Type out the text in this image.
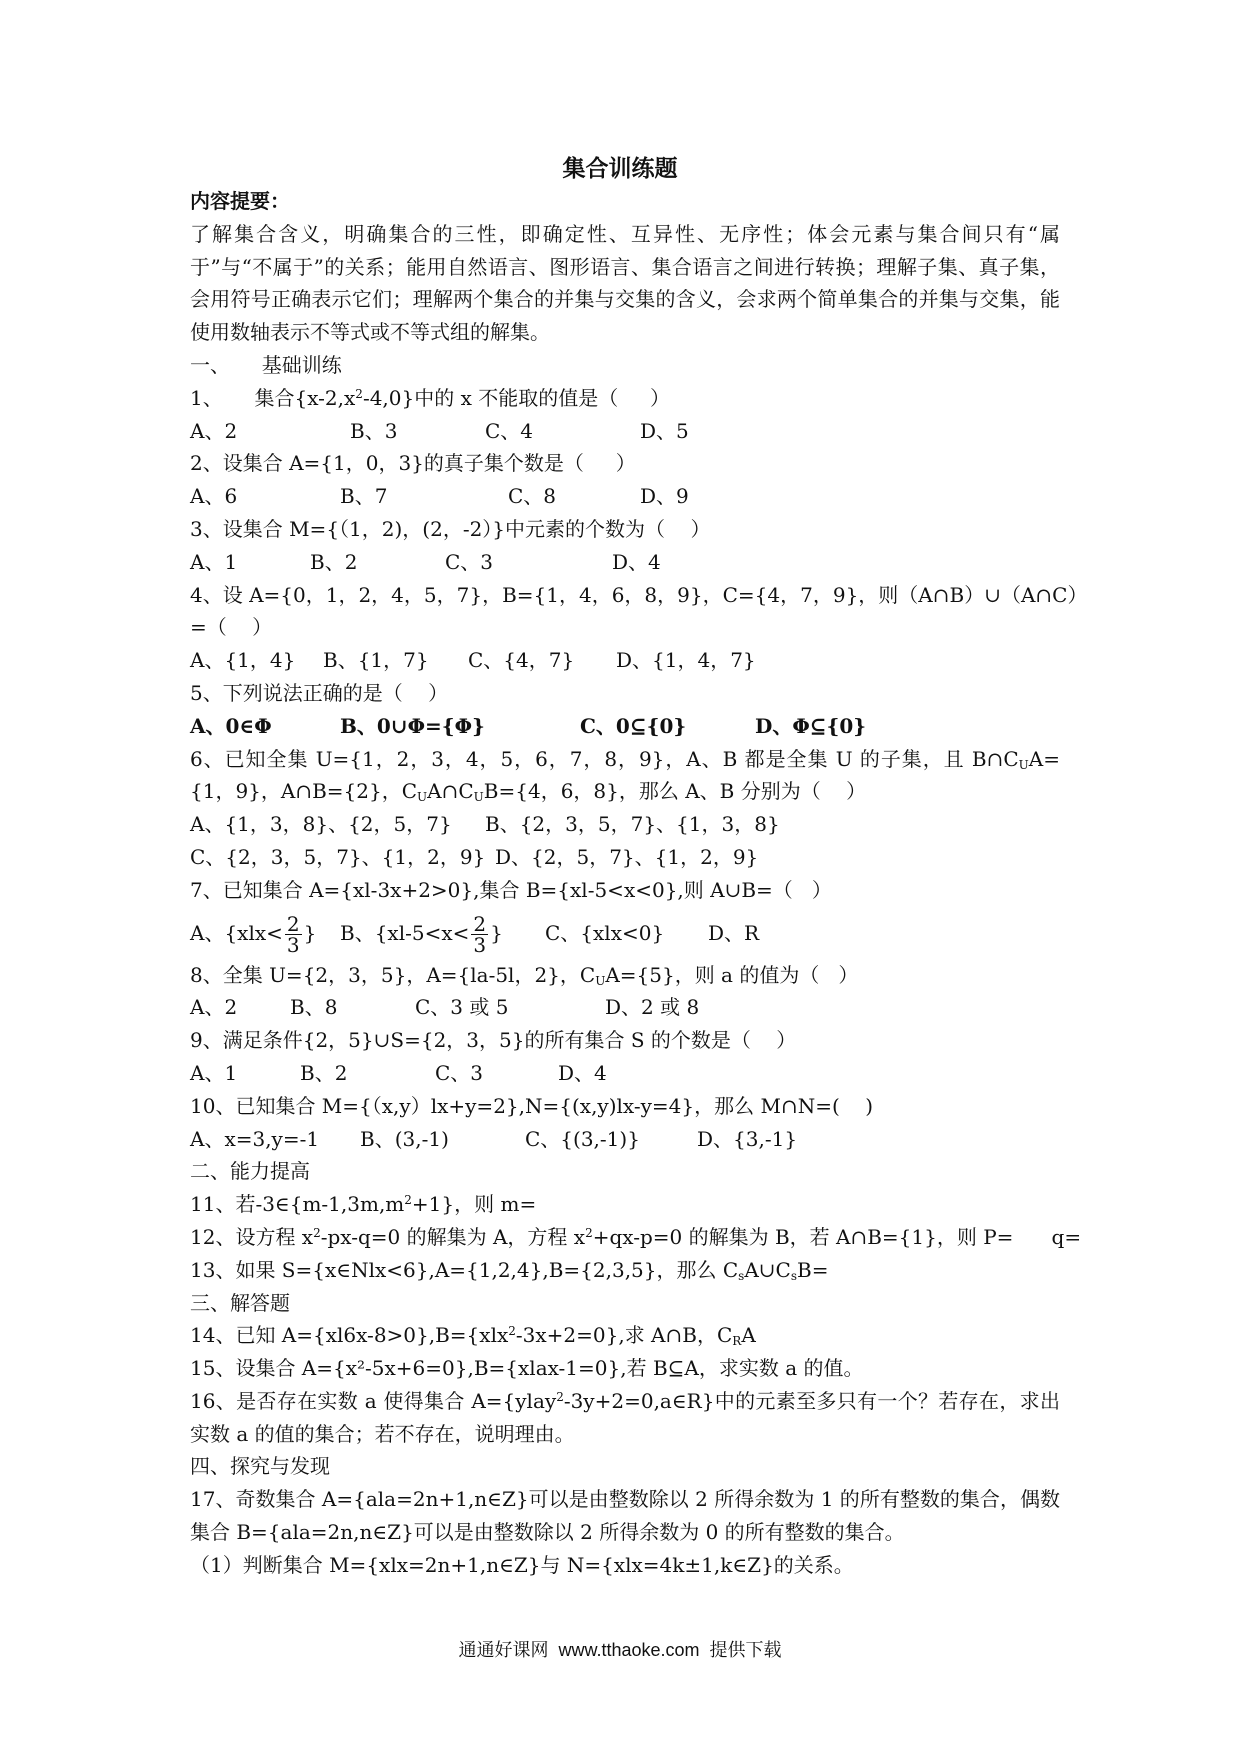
集合训练题
内容提要：
了解集合含义，明确集合的三性，即确定性、互异性、无序性；体会元素与集合间只有“属于”与“不属于”的关系；能用自然语言、图形语言、集合语言之间进行转换；理解子集、真子集，会用符号正确表示它们；理解两个集合的并集与交集的含义，会求两个简单集合的并集与交集，能使用数轴表示不等式或不等式组的解集。
一、     基础训练
1、     集合$\{x-2,x^2-4,0\}$中的 x 不能取的值是（     ）
A、2	B、3	C、4	D、5
2、设集合 A={1，0，3}的真子集个数是（     ）
A、6	B、7	C、8	D、9
3、设集合 M={（1，2)，(2，-2）}中元素的个数为（    ）
A、1	B、2	C、3	D、4
4、设 A={0，1，2，4，5，7}，B={1，4，6，8，9}，C={4，7，9}，则（A∩B）∪（A∩C）
=（    ）
A、{1，4} B、{1，7} C、{4，7} D、{1，4，7}
5、下列说法正确的是（    ）
A、0∈Φ	B、0∪Φ={Φ}	C、0⊆{0}	D、Φ⊆{0}
6、已知全集 U={1，2，3，4，5，6，7，8，9}，A、B 都是全集 U 的子集，且 $B\cap C_UA=\{1$，9}，A∩B={2}，$C_UA\cap C_UB=\{4$，6，8}，那么 A、B 分别为（    ）
A、{1，3，8}、{2，5，7} B、{2，3，5，7}、{1，3，8}
C、{2，3，5，7}、{1，2，9} D、{2，5，7}、{1，2，9}
7、已知集合 A={xl-3x+2>0},集合 B={xl-5<x<0},则 A∪B=（   ）
A、{$xlx< \frac{2}{3}$ } B、{$xl-5<x< \frac{2}{3}$ } C、{xlx<0} D、R
8、全集 U={2，3，5}，A={la-5l，2}，$C_UA=\{5\}$，则 a 的值为（   ）
A、2	B、8	C、3 或 5	D、2 或 8
9、满足条件{2，5}∪S={2，3，5}的所有集合 S 的个数是（    ）
A、1	B、2	C、3	D、4
10、已知集合 M={（x,y）lx+y=2},N={(x,y)lx-y=4}，那么 M∩N=(    )
A、x=3,y=-1 B、(3,-1)	C、{(3,-1)}	D、{3,-1}
二、能力提高
11、若$-3\in\{m-1,3m,m^2+1\}$，则 m=
12、设方程 $x^2-px-q=0$ 的解集为 A，方程 $x^2+qx-p=0$ 的解集为 B，若 A∩B={1}，则 P=      q=
13、如果 S={x∈Nlx<6},A={1,2,4},B={2,3,5}，那么 $C_sA\cup C_sB=$
三、解答题
14、已知 A={xl6x-8>0},B={xlx$^2$-3x+2=0},求 A∩B，$C_RA$
15、设集合 A={x²-5x+6=0},B={xlax-1=0},若 B⊆A，求实数 a 的值。
16、是否存在实数 a 使得集合 A={ylay$^2$-3y+2=0,a∈R}中的元素至多只有一个？若存在，求出实数 a 的值的集合；若不存在，说明理由。
四、探究与发现
17、奇数集合 A={ala=2n+1,n∈Z}可以是由整数除以 2 所得余数为 1 的所有整数的集合，偶数集合 B={ala=2n,n∈Z}可以是由整数除以 2 所得余数为 0 的所有整数的集合。
（1）判断集合 M={xlx=2n+1,n∈Z}与 N={xlx=4k±1,k∈Z}的关系。
通通好课网  www.tthaoke.com  提供下载
